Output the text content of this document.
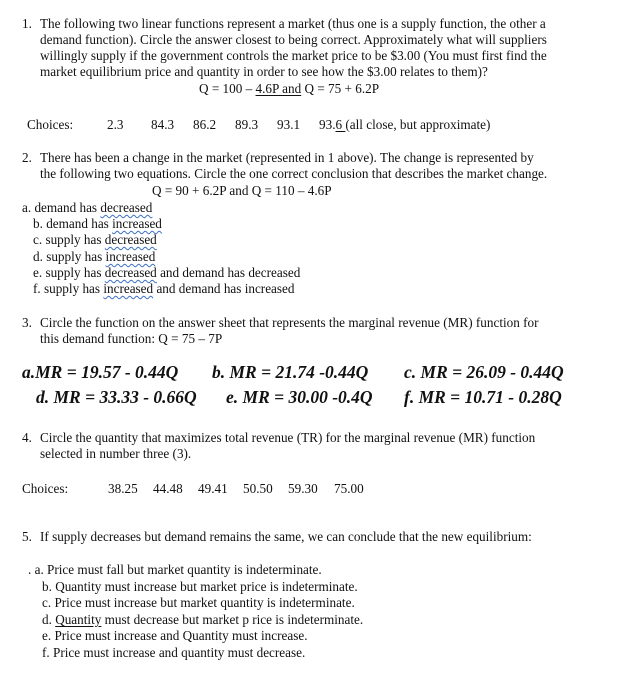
1. The following two linear functions represent a market (thus one is a supply function, the other a
demand function). Circle the answer closest to being correct. Approximately what will suppliers
willingly supply if the government controls the market price to be $3.00 (You must first find the
market equilibrium price and quantity in order to see how the $3.00 relates to them)?
Q = 100 – 4.6P and Q = 75 + 6.2P
Choices:	2.3 84.3 86.2 89.3 93.1 93.6 (all close, but approximate)
2. There has been a change in the market (represented in 1 above). The change is represented by
the following two equations. Circle the one correct conclusion that describes the market change.
Q = 90 + 6.2P and Q = 110 – 4.6P
a. demand has decreased
b. demand has increased
c. supply has decreased
d. supply has increased
e. supply has decreased and demand has decreased
f. supply has increased and demand has increased
3. Circle the function on the answer sheet that represents the marginal revenue (MR) function for
this demand function: Q = 75 – 7P
a.MR = 19.57 - 0.44Q b. MR = 21.74 -0.44Q c. MR = 26.09 - 0.44Q
d. MR = 33.33 - 0.66Q e. MR = 30.00 -0.4Q f. MR = 10.71 - 0.28Q
4. Circle the quantity that maximizes total revenue (TR) for the marginal revenue (MR) function
selected in number three (3).
Choices:	38.25 44.48 49.41 50.50 59.30 75.00
5. If supply decreases but demand remains the same, we can conclude that the new equilibrium:
. a. Price must fall but market quantity is indeterminate.
b. Quantity must increase but market price is indeterminate.
c. Price must increase but market quantity is indeterminate.
d. Quantity must decrease but market p rice is indeterminate.
e. Price must increase and Quantity must increase.
f. Price must increase and quantity must decrease.
